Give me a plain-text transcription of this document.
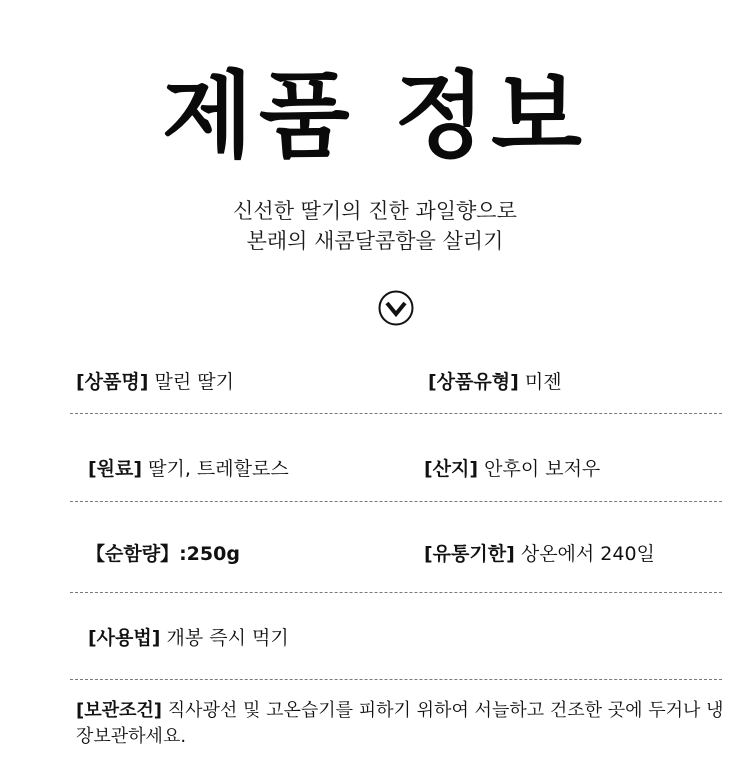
제품 정보
신선한 딸기의 진한 과일향으로
본래의 새콤달콤함을 살리기
[상품명] 말린 딸기	[상품유형] 미젠
[원료] 딸기, 트레할로스	[산지] 안후이 보저우
【순함량】:250g	[유통기한] 상온에서 240일
[사용법] 개봉 즉시 먹기
[보관조건] 직사광선 및 고온습기를 피하기 위하여 서늘하고 건조한 곳에 두거나 냉장보관하세요.
